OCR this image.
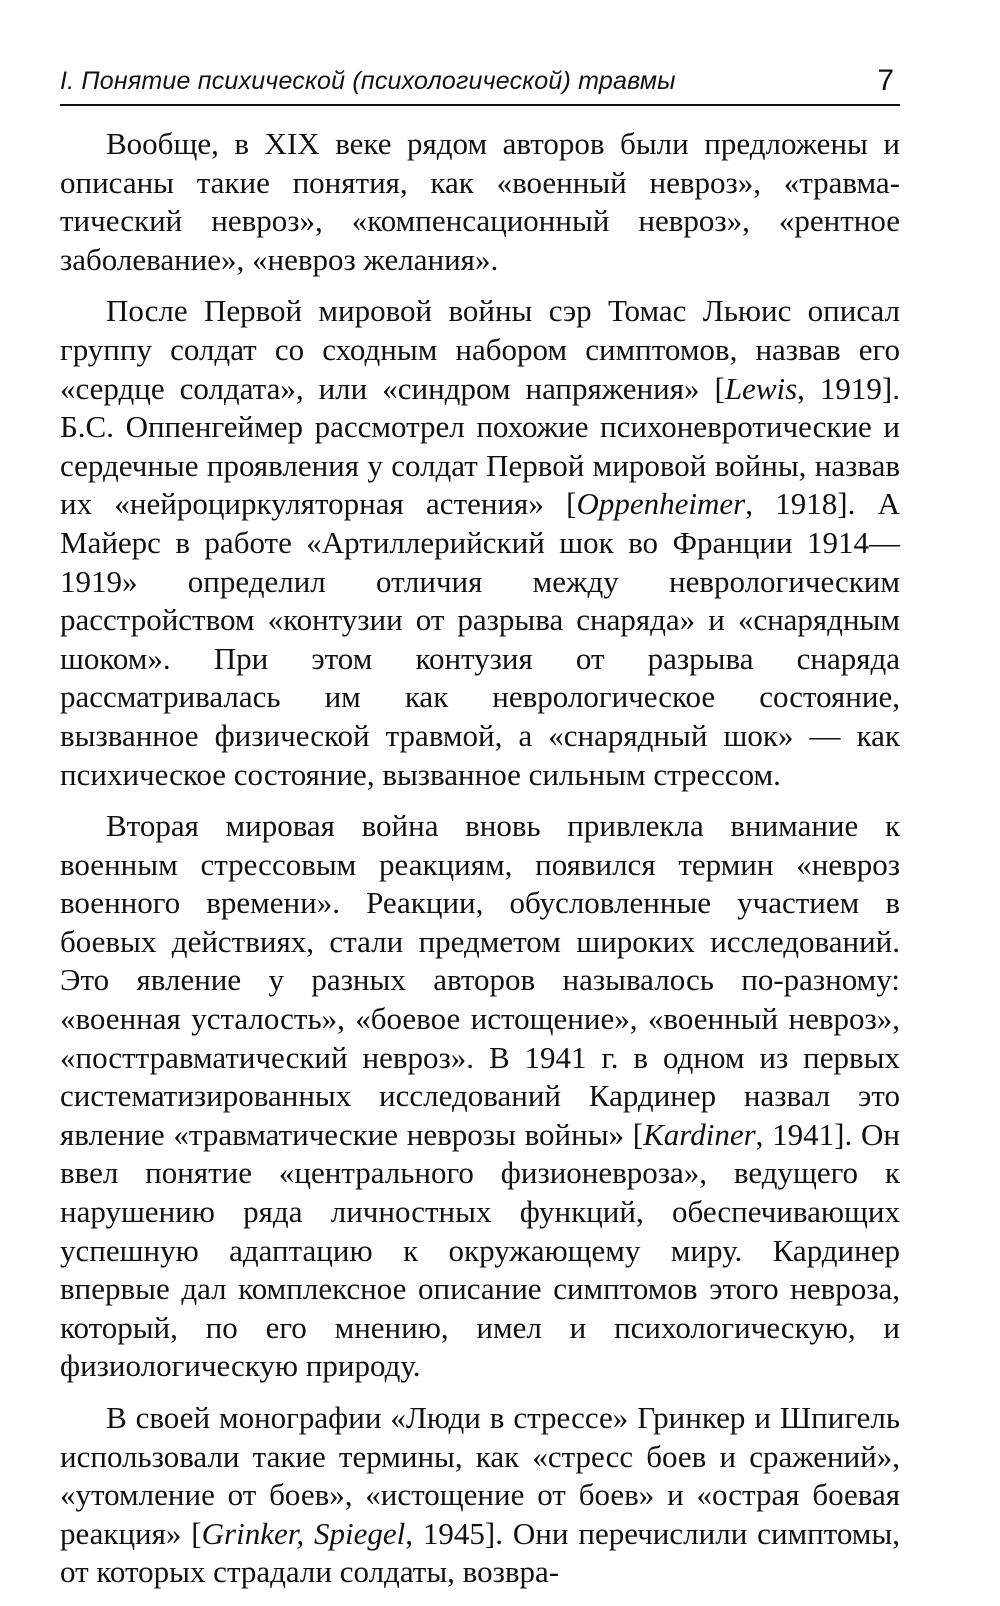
I. Понятие психической (психологической) травмы	7

Вообще, в XIX веке рядом авторов были предложены и описаны такие понятия, как «военный невроз», «травматический невроз», «компенсационный невроз», «рентное заболевание», «невроз желания».

После Первой мировой войны сэр Томас Льюис описал группу солдат со сходным набором симптомов, назвав его «сердце солдата», или «синдром напряжения» [Lewis, 1919]. Б.С. Оппенгеймер рассмотрел похожие психоневротические и сердечные проявления у солдат Первой мировой войны, назвав их «нейроциркуляторная астения» [Oppenheimer, 1918]. А Майерс в работе «Артиллерийский шок во Франции 1914—1919» определил отличия между неврологическим расстройством «контузии от разрыва снаряда» и «снарядным шоком». При этом контузия от разрыва снаряда рассматривалась им как неврологическое состояние, вызванное физической травмой, а «снарядный шок» — как психическое состояние, вызванное сильным стрессом.

Вторая мировая война вновь привлекла внимание к военным стрессовым реакциям, появился термин «невроз военного времени». Реакции, обусловленные участием в боевых действиях, стали предметом широких исследований. Это явление у разных авторов называлось по-разному: «военная усталость», «боевое истощение», «военный невроз», «посттравматический невроз». В 1941 г. в одном из первых систематизированных исследований Кардинер назвал это явление «травматические неврозы войны» [Kardiner, 1941]. Он ввел понятие «центрального физионевроза», ведущего к нарушению ряда личностных функций, обеспечивающих успешную адаптацию к окружающему миру. Кардинер впервые дал комплексное описание симптомов этого невроза, который, по его мнению, имел и психологическую, и физиологическую природу.

В своей монографии «Люди в стрессе» Гринкер и Шпигель использовали такие термины, как «стресс боев и сражений», «утомление от боев», «истощение от боев» и «острая боевая реакция» [Grinker, Spiegel, 1945]. Они перечислили симптомы, от которых страдали солдаты, возвра-
